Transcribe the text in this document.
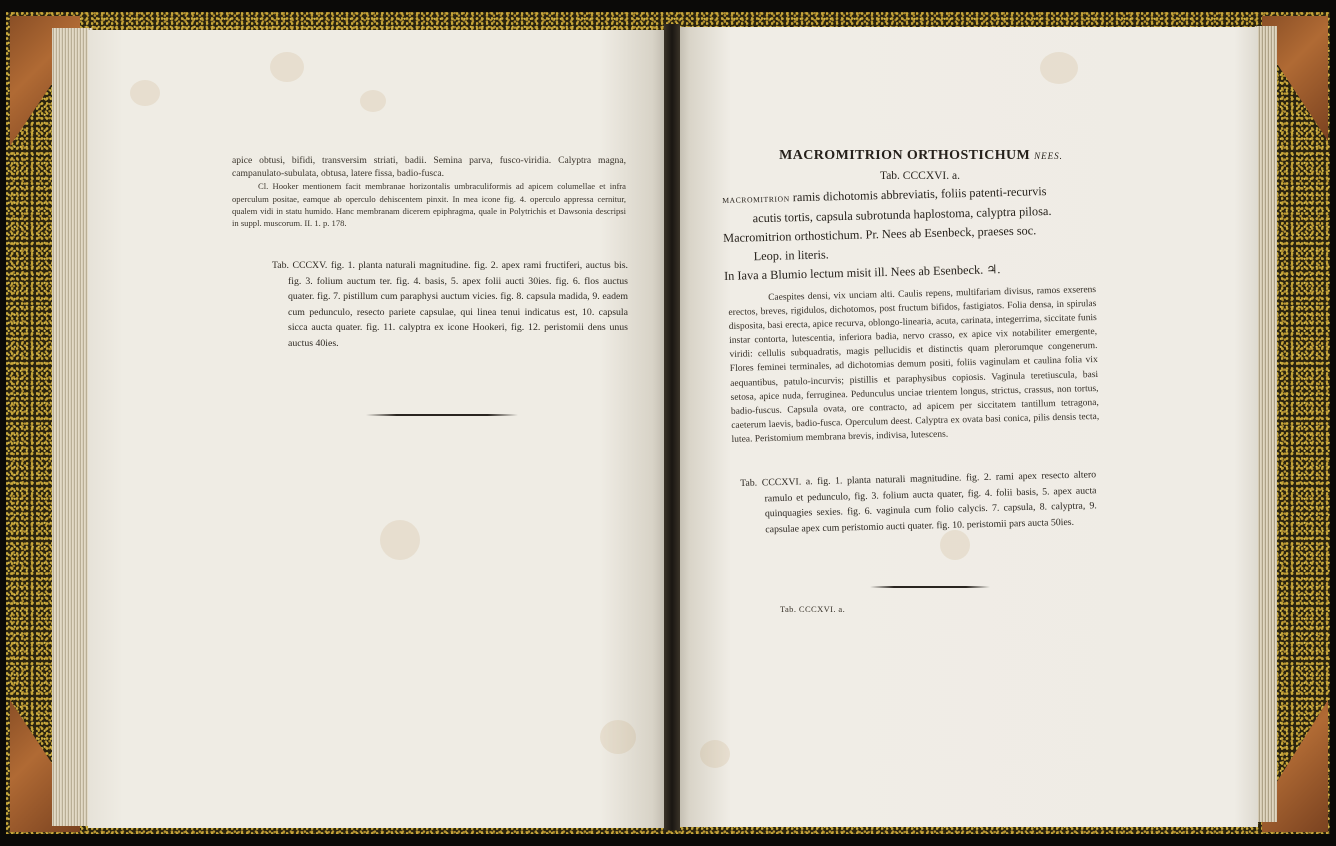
apice obtusi, bifidi, transversim striati, badii. Semina parva, fusco-viridia. Calyptra magna, campanulato-subulata, obtusa, latere fissa, badio-fusca.

Cl. Hooker mentionem facit membranae horizontalis umbraculiformis ad apicem columellae et infra operculum positae, eamque ab operculo dehiscentem pinxit. In mea icone fig. 4. operculo appressa cernitur, qualem vidi in statu humido. Hanc membranam dicerem epiphragma, quale in Polytrichis et Dawsonia descripsi in suppl. muscorum. II. 1. p. 178.

Tab. CCCXV. fig. 1. planta naturali magnitudine. fig. 2. apex rami fructiferi, auctus bis. fig. 3. folium auctum ter. fig. 4. basis, 5. apex folii aucti 30ies. fig. 6. flos auctus quater. fig. 7. pistillum cum paraphysi auctum vicies. fig. 8. capsula madida, 9. eadem cum pedunculo, resecto pariete capsulae, qui linea tenui indicatus est, 10. capsula sicca aucta quater. fig. 11. calyptra ex icone Hookeri, fig. 12. peristomii dens unus auctus 40ies.
MACROMITRION ORTHOSTICHUM NEES.
Tab. CCCXVI. a.
MACROMITRION ramis dichotomis abbreviatis, foliis patenti-recurvis
acutis tortis, capsula subrotunda haplostoma, calyptra pilosa.
Macromitrion orthostichum. Pr. Nees ab Esenbeck, praeses soc.
Leop. in literis.
In Iava a Blumio lectum misit ill. Nees ab Esenbeck. ♃.
Caespites densi, vix unciam alti. Caulis repens, multifariam divisus, ramos exserens erectos, breves, rigidulos, dichotomos, post fructum bifidos, fastigiatos. Folia densa, in spirulas disposita, basi erecta, apice recurva, oblongo-linearia, acuta, carinata, integerrima, siccitate funis instar contorta, lutescentia, inferiora badia, nervo crasso, ex apice vix notabiliter emergente, viridi: cellulis subquadratis, magis pellucidis et distinctis quam plerorumque congenerum. Flores feminei terminales, ad dichotomias demum positi, foliis vaginulam et caulina folia vix aequantibus, patulo-incurvis; pistillis et paraphysibus copiosis. Vaginula teretiuscula, basi setosa, apice nuda, ferruginea. Pedunculus unciae trientem longus, strictus, crassus, non tortus, badio-fuscus. Capsula ovata, ore contracto, ad apicem per siccitatem tantillum tetragona, caeterum laevis, badio-fusca. Operculum deest. Calyptra ex ovata basi conica, pilis densis tecta, lutea. Peristomium membrana brevis, indivisa, lutescens.
Tab. CCCXVI. a. fig. 1. planta naturali magnitudine. fig. 2. rami apex resecto altero ramulo et pedunculo, fig. 3. folium aucta quater, fig. 4. folii basis, 5. apex aucta quinquagies sexies. fig. 6. vaginula cum folio calycis. 7. capsula, 8. calyptra, 9. capsulae apex cum peristomio aucti quater. fig. 10. peristomii pars aucta 50ies.
Tab. CCCXVI. a.
